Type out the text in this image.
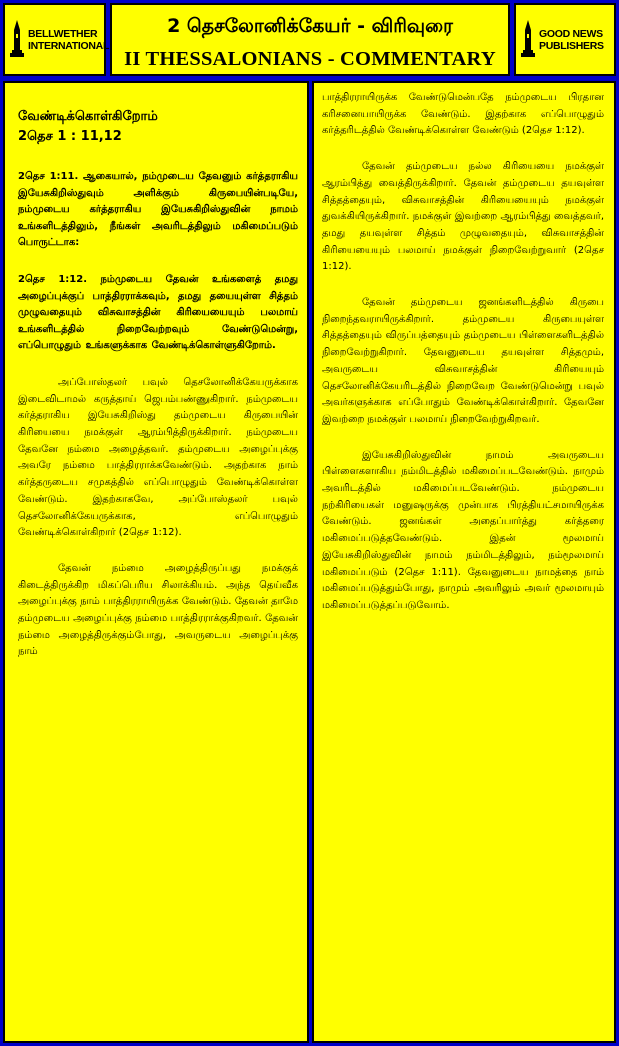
BELLWETHER
INTERNATIONAL
2 தெசலோனிக்கேயர் - விரிவுரை
II THESSALONIANS - COMMENTARY
GOOD NEWS
PUBLISHERS
வேண்டிக்கொள்கிறோம்
2தெச 1 : 11,12

2தெச 1:11. ஆகையால், நம்முடைய தேவனும் கர்த்தராகிய இயேசுகிறிஸ்துவும் அளிக்கும் கிருபையின்படியே, நம்முடைய கர்த்தராகிய இயேசுகிறிஸ்துவின் நாமம் உங்களிடத்திலும், நீங்கள் அவரிடத்திலும் மகிமைப்படும் பொருட்டாக:

2தெச 1:12. நம்முடைய தேவன் உங்களைத் தமது அழைப்புக்குப் பாத்திரராக்கவும், தமது தயையுள்ள சித்தம் முழுவதையும் விசுவாசத்தின் கிரியையையும் பலமாய் உங்களிடத்தில் நிறைவேற்றவும் வேண்டுமென்று, எப்பொழுதும் உங்களுக்காக வேண்டிக்கொள்ளுகிறோம்.

அப்போஸ்தலர் பவுல் தெசலோனிக்கேயருக்காக இடைவிடாமல் கருத்தாய் ஜெபம்பண்ணுகிறார். நம்முடைய கர்த்தராகிய இயேசுகிறிஸ்து தம்முடைய கிருபையின் கிரியையை நமக்குள் ஆரம்பித்திருக்கிறார். நம்முடைய தேவனே நம்மை அழைத்தவர். தம்முடைய அழைப்புக்கு அவரே நம்மை பாத்திரராக்கவேண்டும். அதற்காக நாம் கர்த்தருடைய சமுகத்தில் எப்பொழுதும் வேண்டிக்கொள்ள வேண்டும். இதற்காகவே, அப்போஸ்தலர் பவுல் தெசலோனிக்கேயருக்காக, எப்பொழுதும் வேண்டிக்கொள்கிறார் (2தெச 1:12).

தேவன் நம்மை அழைத்திருப்பது நமக்குக் கிடைத்திருக்கிற மிகப்பெரிய சிலாக்கியம். அந்த தெய்வீக அழைப்புக்கு நாம் பாத்திரராயிருக்க வேண்டும். தேவன் தாமே தம்முடைய அழைப்புக்கு நம்மை பாத்திரராக்குகிறவர். தேவன் நம்மை அழைத்திருக்கும்போது, அவருடைய அழைப்புக்கு நாம்

பாத்திரராயிருக்க வேண்டுமென்பதே நம்முடைய பிரதான கரிசனையாயிருக்க வேண்டும். இதற்காக எப்பொழுதும் கர்த்தரிடத்தில் வேண்டிக்கொள்ள வேண்டும் (2தெச 1:12).

தேவன் தம்முடைய நல்ல கிரியையை நமக்குள் ஆரம்பித்து வைத்திருக்கிறார். தேவன் தம்முடைய தயவுள்ள சித்தத்தையும், விசுவாசத்தின் கிரியையையும் நமக்குள் துவக்கியிருக்கிறார். நமக்குள் இவற்றை ஆரம்பித்து வைத்தவர், தமது தயவுள்ள சித்தம் முழுவதையும், விசுவாசத்தின் கிரியையையும் பலமாய் நமக்குள் நிறைவேற்றுவார் (2தெச 1:12).

தேவன் தம்முடைய ஜனங்களிடத்தில் கிருபை நிறைந்தவராயிருக்கிறார். தம்முடைய கிருபையுள்ள சித்தத்தையும் விருப்பத்தையும் தம்முடைய பிள்ளைகளிடத்தில் நிறைவேற்றுகிறார். தேவனுடைய தயவுள்ள சித்தமும், அவருடைய விசுவாசத்தின் கிரியையும் தெசலோனிக்கேயரிடத்தில் நிறைவேற வேண்டுமென்று பவுல் அவர்களுக்காக எப்போதும் வேண்டிக்கொள்கிறார். தேவனே இவற்றை நமக்குள் பலமாய் நிறைவேற்றுகிறவர்.

இயேசுகிறிஸ்துவின் நாமம் அவருடைய பிள்ளைகளாகிய நம்மிடத்தில் மகிமைப்படவேண்டும். நாமும் அவரிடத்தில் மகிமைப்படவேண்டும். நம்முடைய நற்கிரியைகள் மனுஷருக்கு முன்பாக பிரத்தியட்சமாயிருக்க வேண்டும். ஜனங்கள் அதைப்பார்த்து கர்த்தரை மகிமைப்படுத்தவேண்டும். இதன் மூலமாய் இயேசுகிறிஸ்துவின் நாமம் நம்மிடத்திலும், நம்மூலமாய் மகிமைப்படும் (2தெச 1:11). தேவனுடைய நாமத்தை நாம் மகிமைப்படுத்தும்போது, நாமும் அவரிலும் அவர் மூலமாயும் மகிமைப்படுத்தப்படுவோம்.
